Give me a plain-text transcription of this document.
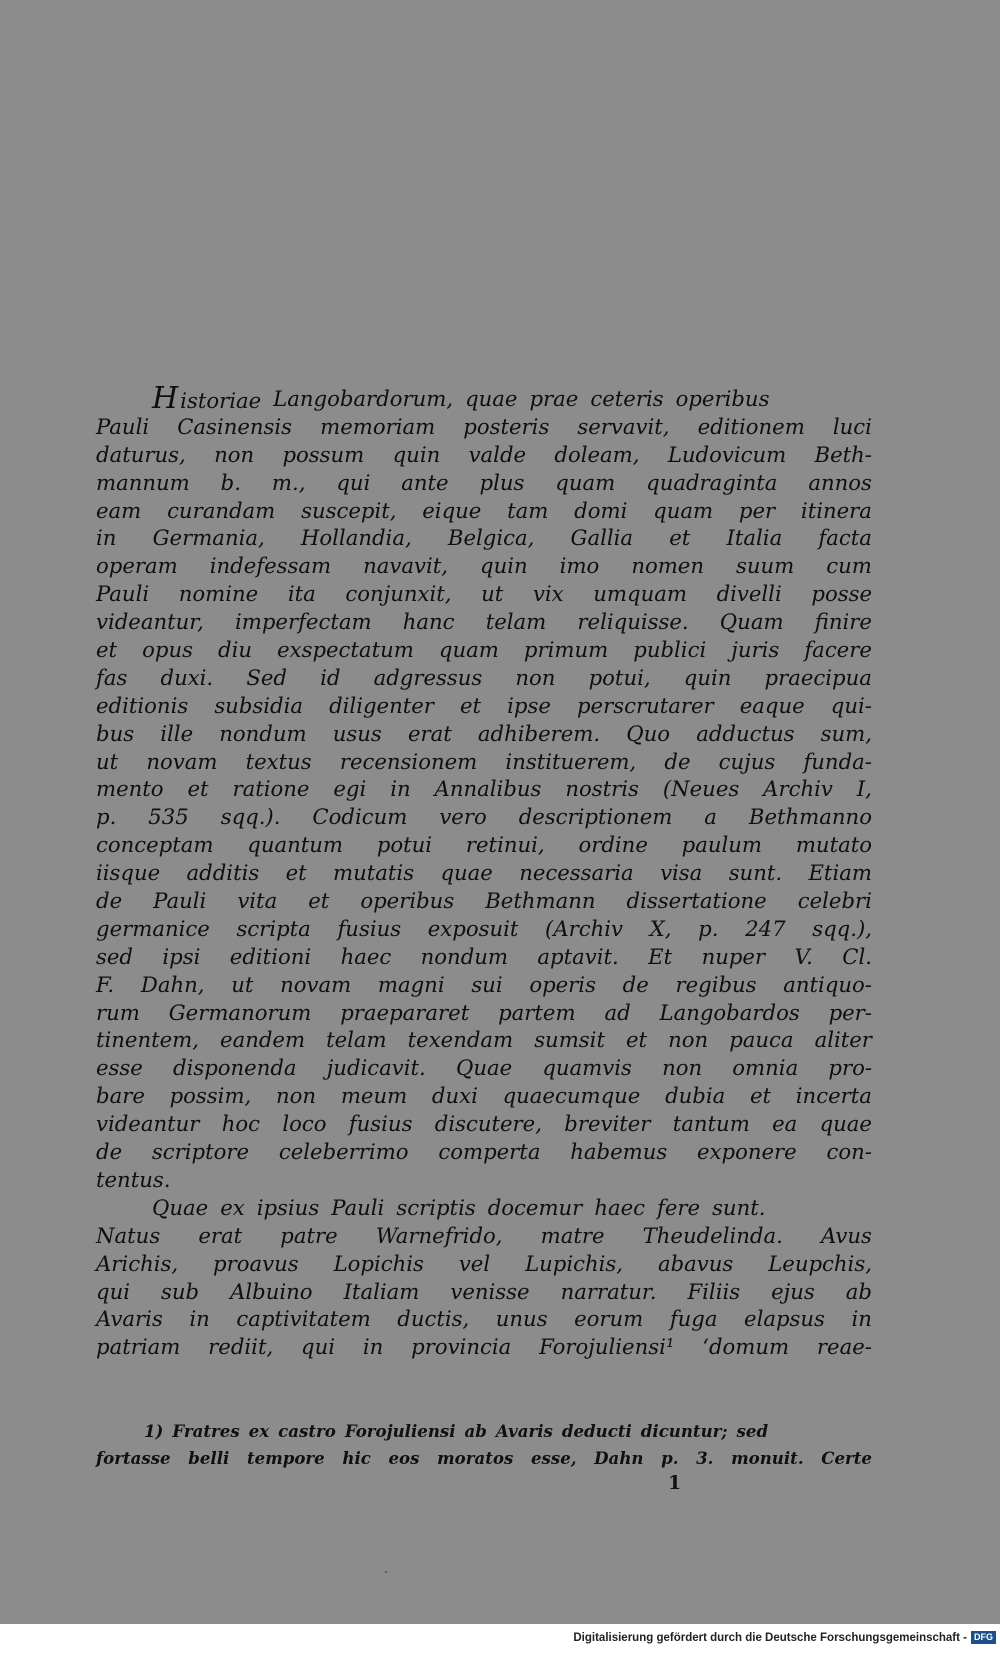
Historiae Langobardorum, quae prae ceteris operibus
Pauli Casinensis memoriam posteris servavit, editionem luci
daturus, non possum quin valde doleam, Ludovicum Beth-
mannum b. m., qui ante plus quam quadraginta annos
eam curandam suscepit, eique tam domi quam per itinera
in Germania, Hollandia, Belgica, Gallia et Italia facta
operam indefessam navavit, quin imo nomen suum cum
Pauli nomine ita conjunxit, ut vix umquam divelli posse
videantur, imperfectam hanc telam reliquisse. Quam finire
et opus diu exspectatum quam primum publici juris facere
fas duxi. Sed id adgressus non potui, quin praecipua
editionis subsidia diligenter et ipse perscrutarer eaque qui-
bus ille nondum usus erat adhiberem. Quo adductus sum,
ut novam textus recensionem instituerem, de cujus funda-
mento et ratione egi in Annalibus nostris (Neues Archiv I,
p. 535 sqq.). Codicum vero descriptionem a Bethmanno
conceptam quantum potui retinui, ordine paulum mutato
iisque additis et mutatis quae necessaria visa sunt. Etiam
de Pauli vita et operibus Bethmann dissertatione celebri
germanice scripta fusius exposuit (Archiv X, p. 247 sqq.),
sed ipsi editioni haec nondum aptavit. Et nuper V. Cl.
F. Dahn, ut novam magni sui operis de regibus antiquo-
rum Germanorum praepararet partem ad Langobardos per-
tinentem, eandem telam texendam sumsit et non pauca aliter
esse disponenda judicavit. Quae quamvis non omnia pro-
bare possim, non meum duxi quaecumque dubia et incerta
videantur hoc loco fusius discutere, breviter tantum ea quae
de scriptore celeberrimo comperta habemus exponere con-
tentus.
Quae ex ipsius Pauli scriptis docemur haec fere sunt.
Natus erat patre Warnefrido, matre Theudelinda. Avus
Arichis, proavus Lopichis vel Lupichis, abavus Leupchis,
qui sub Albuino Italiam venisse narratur. Filiis ejus ab
Avaris in captivitatem ductis, unus eorum fuga elapsus in
patriam rediit, qui in provincia Forojuliensi¹ ‘domum reae-
1) Fratres ex castro Forojuliensi ab Avaris deducti dicuntur; sed
fortasse belli tempore hic eos moratos esse, Dahn p. 3. monuit. Certe
1
Digitalisierung gefördert durch die Deutsche Forschungsgemeinschaft - DFG
